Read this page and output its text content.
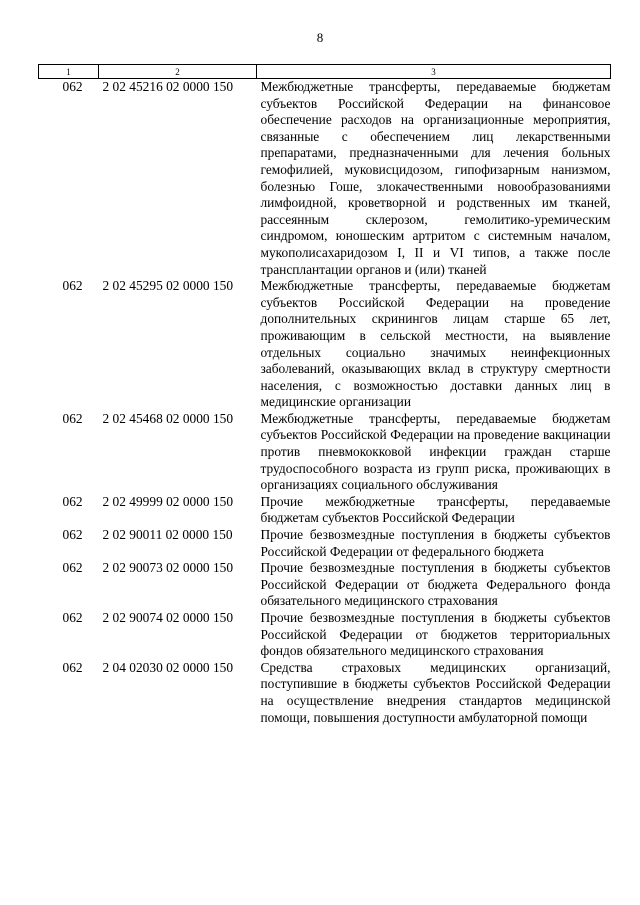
8
1	2	3
062	2 02 45216 02 0000 150	Межбюджетные трансферты, передаваемые бюджетам субъектов Российской Федерации на финансовое обеспечение расходов на организационные мероприятия, связанные с обеспечением лиц лекарственными препаратами, предназначенными для лечения больных гемофилией, муковисцидозом, гипофизарным нанизмом, болезнью Гоше, злокачественными новообразованиями лимфоидной, кроветворной и родственных им тканей, рассеянным склерозом, гемолитико-уремическим синдромом, юношеским артритом с системным началом, мукополисахаридозом I, II и VI типов, а также после трансплантации органов и (или) тканей
062	2 02 45295 02 0000 150	Межбюджетные трансферты, передаваемые бюджетам субъектов Российской Федерации на проведение дополнительных скринингов лицам старше 65 лет, проживающим в сельской местности, на выявление отдельных социально значимых неинфекционных заболеваний, оказывающих вклад в структуру смертности населения, с возможностью доставки данных лиц в медицинские организации
062	2 02 45468 02 0000 150	Межбюджетные трансферты, передаваемые бюджетам субъектов Российской Федерации на проведение вакцинации против пневмококковой инфекции граждан старше трудоспособного возраста из групп риска, проживающих в организациях социального обслуживания
062	2 02 49999 02 0000 150	Прочие межбюджетные трансферты, передаваемые бюджетам субъектов Российской Федерации
062	2 02 90011 02 0000 150	Прочие безвозмездные поступления в бюджеты субъектов Российской Федерации от федерального бюджета
062	2 02 90073 02 0000 150	Прочие безвозмездные поступления в бюджеты субъектов Российской Федерации от бюджета Федерального фонда обязательного медицинского страхования
062	2 02 90074 02 0000 150	Прочие безвозмездные поступления в бюджеты субъектов Российской Федерации от бюджетов территориальных фондов обязательного медицинского страхования
062	2 04 02030 02 0000 150	Средства страховых медицинских организаций, поступившие в бюджеты субъектов Российской Федерации на осуществление внедрения стандартов медицинской помощи, повышения доступности амбулаторной помощи
